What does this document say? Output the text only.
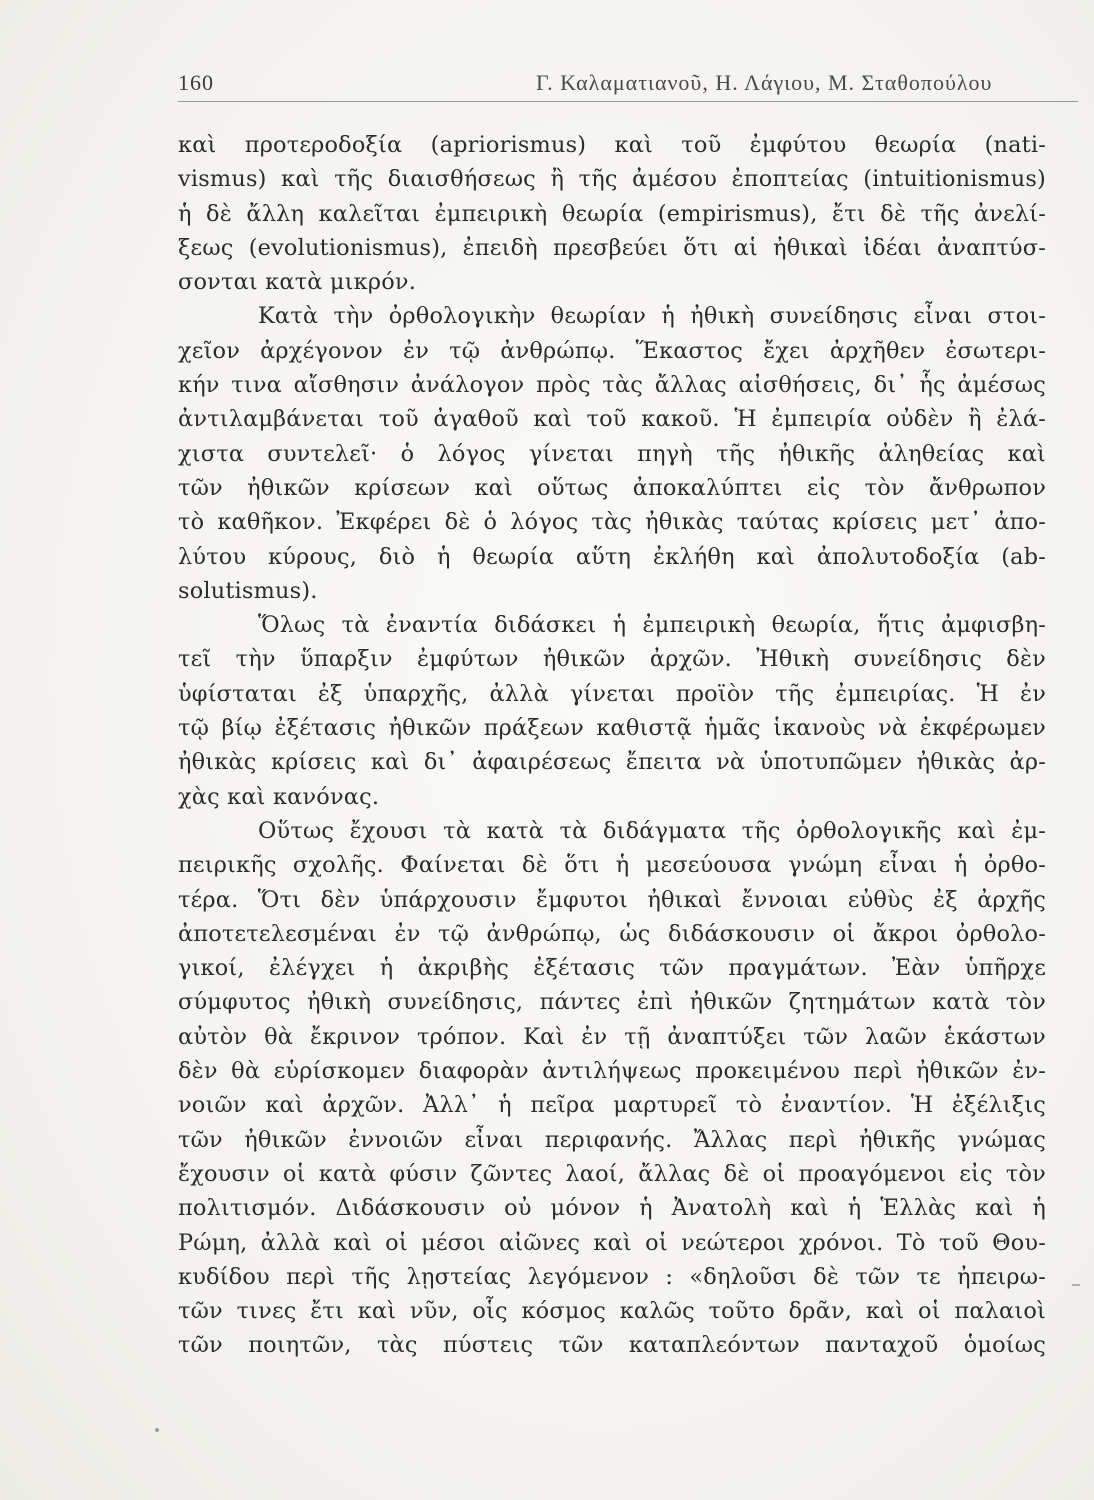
160	Γ. Καλαματιανοῦ, Η. Λάγιου, Μ. Σταθοπούλου
καὶ προτεροδοξία (apriorismus) καὶ τοῦ ἐμφύτου θεωρία (nati-
vismus) καὶ τῆς διαισθήσεως ἢ τῆς ἀμέσου ἐποπτείας (intuitionismus)
ἡ δὲ ἄλλη καλεῖται ἐμπειρικὴ θεωρία (empirismus), ἔτι δὲ τῆς ἀνελί-
ξεως (evolutionismus), ἐπειδὴ πρεσβεύει ὅτι αἱ ἠθικαὶ ἰδέαι ἀναπτύσ-
σονται κατὰ μικρόν.
Κατὰ τὴν ὀρθολογικὴν θεωρίαν ἡ ἠθικὴ συνείδησις εἶναι στοι-
χεῖον ἀρχέγονον ἐν τῷ ἀνθρώπῳ. Ἕκαστος ἔχει ἀρχῆθεν ἐσωτερι-
κήν τινα αἴσθησιν ἀνάλογον πρὸς τὰς ἄλλας αἰσθήσεις, δι᾽ ἧς ἀμέσως
ἀντιλαμβάνεται τοῦ ἀγαθοῦ καὶ τοῦ κακοῦ. Ἡ ἐμπειρία οὐδὲν ἢ ἐλά-
χιστα συντελεῖ· ὁ λόγος γίνεται πηγὴ τῆς ἠθικῆς ἀληθείας καὶ
τῶν ἠθικῶν κρίσεων καὶ οὕτως ἀποκαλύπτει εἰς τὸν ἄνθρωπον
τὸ καθῆκον. Ἐκφέρει δὲ ὁ λόγος τὰς ἠθικὰς ταύτας κρίσεις μετ᾽ ἀπο-
λύτου κύρους, διὸ ἡ θεωρία αὕτη ἐκλήθη καὶ ἀπολυτοδοξία (ab-
solutismus).
Ὅλως τὰ ἐναντία διδάσκει ἡ ἐμπειρικὴ θεωρία, ἥτις ἀμφισβη-
τεῖ τὴν ὕπαρξιν ἐμφύτων ἠθικῶν ἀρχῶν. Ἠθικὴ συνείδησις δὲν
ὑφίσταται ἐξ ὑπαρχῆς, ἀλλὰ γίνεται προϊὸν τῆς ἐμπειρίας. Ἡ ἐν
τῷ βίῳ ἐξέτασις ἠθικῶν πράξεων καθιστᾷ ἡμᾶς ἱκανοὺς νὰ ἐκφέρωμεν
ἠθικὰς κρίσεις καὶ δι᾽ ἀφαιρέσεως ἔπειτα νὰ ὑποτυπῶμεν ἠθικὰς ἀρ-
χὰς καὶ κανόνας.
Οὕτως ἔχουσι τὰ κατὰ τὰ διδάγματα τῆς ὀρθολογικῆς καὶ ἐμ-
πειρικῆς σχολῆς. Φαίνεται δὲ ὅτι ἡ μεσεύουσα γνώμη εἶναι ἡ ὀρθο-
τέρα. Ὅτι δὲν ὑπάρχουσιν ἔμφυτοι ἠθικαὶ ἔννοιαι εὐθὺς ἐξ ἀρχῆς
ἀποτετελεσμέναι ἐν τῷ ἀνθρώπῳ, ὡς διδάσκουσιν οἱ ἄκροι ὀρθολο-
γικοί, ἐλέγχει ἡ ἀκριβὴς ἐξέτασις τῶν πραγμάτων. Ἐὰν ὑπῆρχε
σύμφυτος ἠθικὴ συνείδησις, πάντες ἐπὶ ἠθικῶν ζητημάτων κατὰ τὸν
αὐτὸν θὰ ἔκρινον τρόπον. Καὶ ἐν τῇ ἀναπτύξει τῶν λαῶν ἑκάστων
δὲν θὰ εὑρίσκομεν διαφορὰν ἀντιλήψεως προκειμένου περὶ ἠθικῶν ἐν-
νοιῶν καὶ ἀρχῶν. Ἀλλ᾽ ἡ πεῖρα μαρτυρεῖ τὸ ἐναντίον. Ἡ ἐξέλιξις
τῶν ἠθικῶν ἐννοιῶν εἶναι περιφανής. Ἄλλας περὶ ἠθικῆς γνώμας
ἔχουσιν οἱ κατὰ φύσιν ζῶντες λαοί, ἄλλας δὲ οἱ προαγόμενοι εἰς τὸν
πολιτισμόν. Διδάσκουσιν οὐ μόνον ἡ Ἀνατολὴ καὶ ἡ Ἑλλὰς καὶ ἡ
Ρώμη, ἀλλὰ καὶ οἱ μέσοι αἰῶνες καὶ οἱ νεώτεροι χρόνοι. Τὸ τοῦ Θου-
κυδίδου περὶ τῆς λῃστείας λεγόμενον : «δηλοῦσι δὲ τῶν τε ἠπειρω-
τῶν τινες ἔτι καὶ νῦν, οἷς κόσμος καλῶς τοῦτο δρᾶν, καὶ οἱ παλαιοὶ
τῶν ποιητῶν, τὰς πύστεις τῶν καταπλεόντων πανταχοῦ ὁμοίως
